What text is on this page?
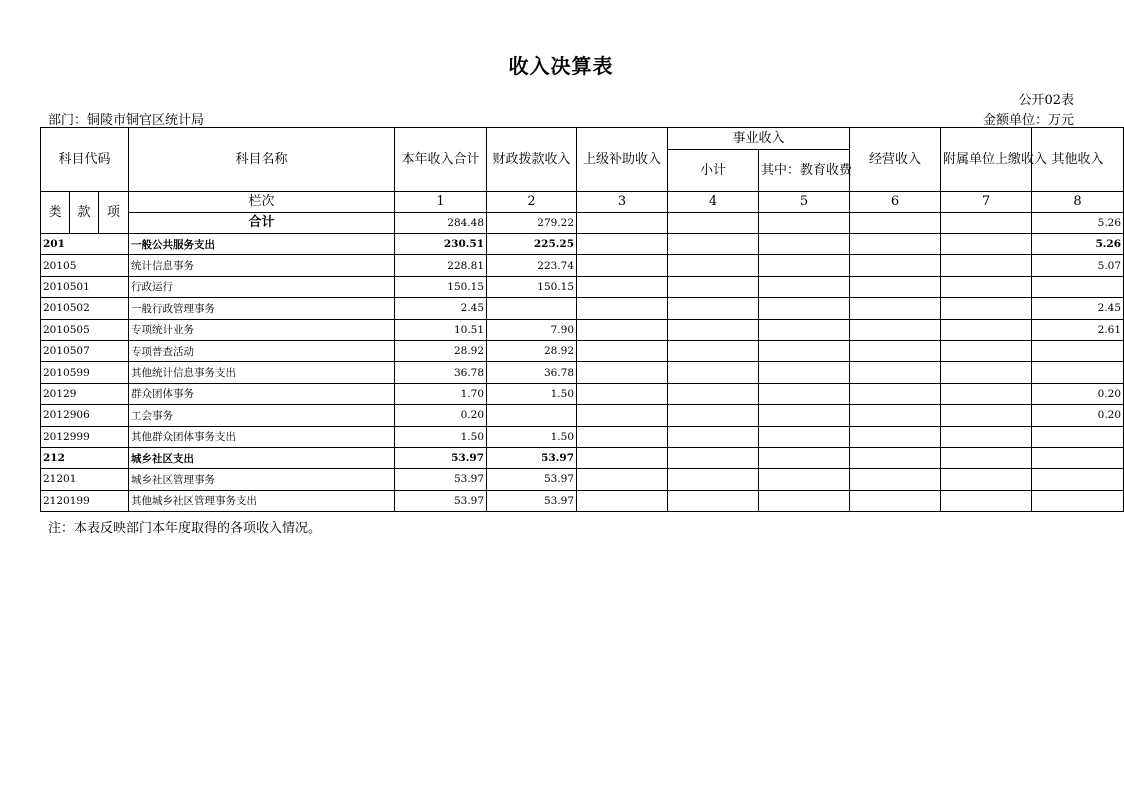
收入决算表
公开02表
部门：铜陵市铜官区统计局	金额单位：万元
科目代码			科目名称	本年收入合计	财政拨款收入	上级补助收入	事业收入		经营收入	附属单位上缴收入	其他收入
							小计	其中：教育收费			
类	款	项	栏次	1	2	3	4	5	6	7	8
			合计	284.48	279.22						5.26
201			一般公共服务支出	230.51	225.25						5.26
20105			统计信息事务	228.81	223.74						5.07
2010501			行政运行	150.15	150.15						
2010502			一般行政管理事务	2.45							2.45
2010505			专项统计业务	10.51	7.90						2.61
2010507			专项普查活动	28.92	28.92						
2010599			其他统计信息事务支出	36.78	36.78						
20129			群众团体事务	1.70	1.50						0.20
2012906			工会事务	0.20							0.20
2012999			其他群众团体事务支出	1.50	1.50						
212			城乡社区支出	53.97	53.97						
21201			城乡社区管理事务	53.97	53.97						
2120199			其他城乡社区管理事务支出	53.97	53.97						
注：本表反映部门本年度取得的各项收入情况。
